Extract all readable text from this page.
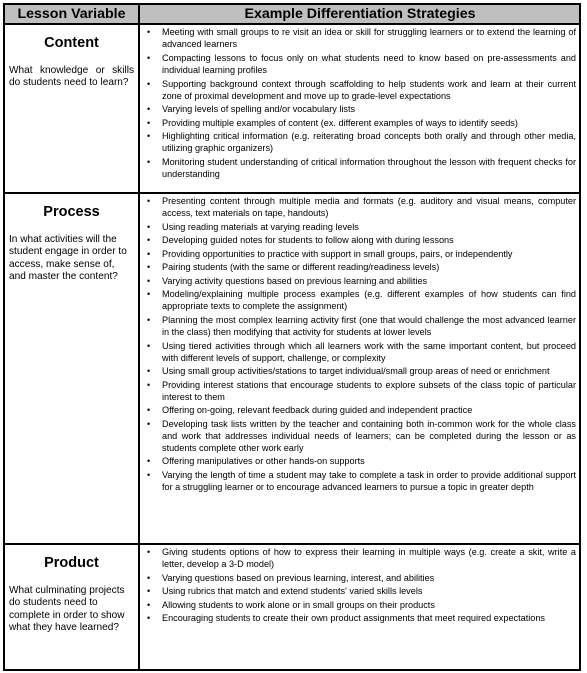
Lesson Variable	Example Differentiation Strategies
Content
What knowledge or skills do students need to learn?
• Meeting with small groups to re visit an idea or skill for struggling learners or to extend the learning of advanced learners
• Compacting lessons to focus only on what students need to know based on pre-assessments and individual learning profiles
• Supporting background context through scaffolding to help students work and learn at their current zone of proximal development and move up to grade-level expectations
• Varying levels of spelling and/or vocabulary lists
• Providing multiple examples of content (ex. different examples of ways to identify seeds)
• Highlighting critical information (e.g. reiterating broad concepts both orally and through other media, utilizing graphic organizers)
• Monitoring student understanding of critical information throughout the lesson with frequent checks for understanding
Process
In what activities will the student engage in order to access, make sense of, and master the content?
• Presenting content through multiple media and formats (e.g. auditory and visual means, computer access, text materials on tape, handouts)
• Using reading materials at varying reading levels
• Developing guided notes for students to follow along with during lessons
• Providing opportunities to practice with support in small groups, pairs, or independently
• Pairing students (with the same or different reading/readiness levels)
• Varying activity questions based on previous learning and abilities
• Modeling/explaining multiple process examples (e.g. different examples of how students can find appropriate texts to complete the assignment)
• Planning the most complex learning activity first (one that would challenge the most advanced learner in the class) then modifying that activity for students at lower levels
• Using tiered activities through which all learners work with the same important content, but proceed with different levels of support, challenge, or complexity
• Using small group activities/stations to target individual/small group areas of need or enrichment
• Providing interest stations that encourage students to explore subsets of the class topic of particular interest to them
• Offering on-going, relevant feedback during guided and independent practice
• Developing task lists written by the teacher and containing both in-common work for the whole class and work that addresses individual needs of learners; can be completed during the lesson or as students complete other work early
• Offering manipulatives or other hands-on supports
• Varying the length of time a student may take to complete a task in order to provide additional support for a struggling learner or to encourage advanced learners to pursue a topic in greater depth
Product
What culminating projects do students need to complete in order to show what they have learned?
• Giving students options of how to express their learning in multiple ways (e.g. create a skit, write a letter, develop a 3-D model)
• Varying questions based on previous learning, interest, and abilities
• Using rubrics that match and extend students' varied skills levels
• Allowing students to work alone or in small groups on their products
• Encouraging students to create their own product assignments that meet required expectations
